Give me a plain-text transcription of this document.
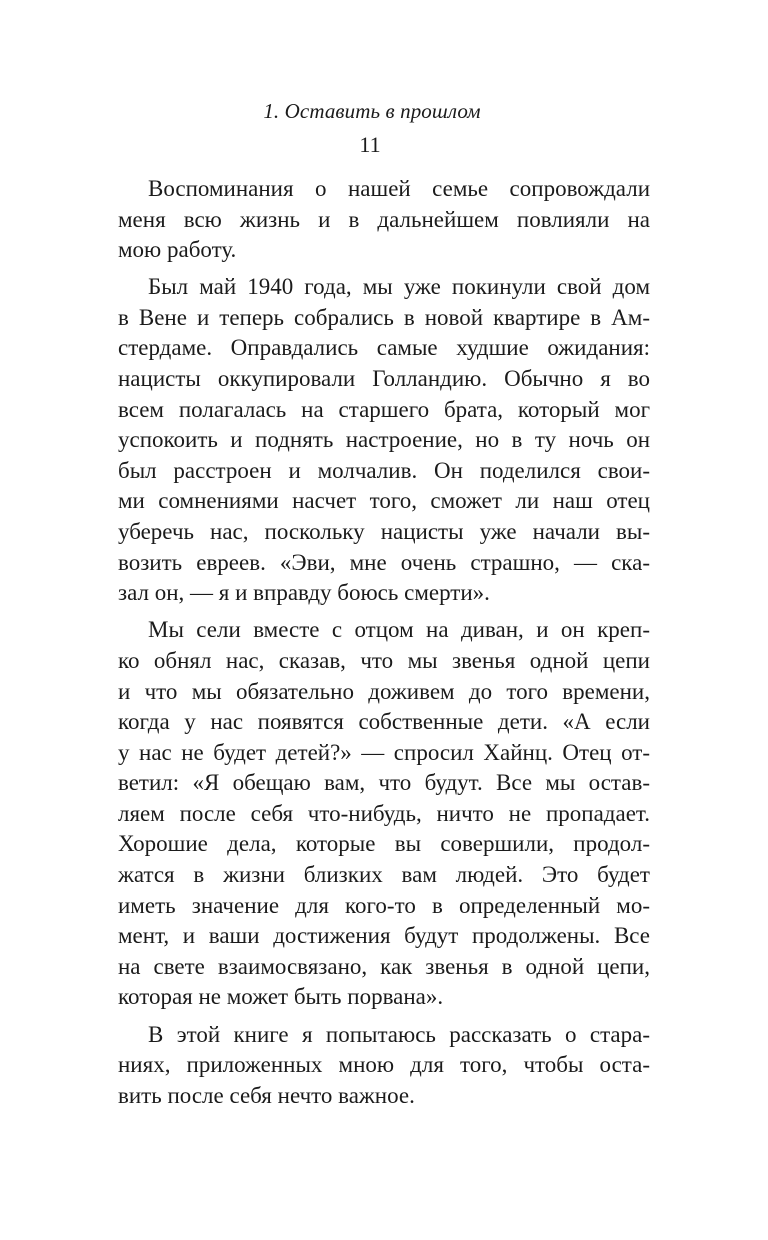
1. Оставить в прошлом
11
Воспоминания о нашей семье сопровождали
меня всю жизнь и в дальнейшем повлияли на
мою работу.
Был май 1940 года, мы уже покинули свой дом
в Вене и теперь собрались в новой квартире в Ам-
стердаме. Оправдались самые худшие ожидания:
нацисты оккупировали Голландию. Обычно я во
всем полагалась на старшего брата, который мог
успокоить и поднять настроение, но в ту ночь он
был расстроен и молчалив. Он поделился свои-
ми сомнениями насчет того, сможет ли наш отец
уберечь нас, поскольку нацисты уже начали вы-
возить евреев. «Эви, мне очень страшно, — ска-
зал он, — я и вправду боюсь смерти».
Мы сели вместе с отцом на диван, и он креп-
ко обнял нас, сказав, что мы звенья одной цепи
и что мы обязательно доживем до того времени,
когда у нас появятся собственные дети. «А если
у нас не будет детей?» — спросил Хайнц. Отец от-
ветил: «Я обещаю вам, что будут. Все мы остав-
ляем после себя что-нибудь, ничто не пропадает.
Хорошие дела, которые вы совершили, продол-
жатся в жизни близких вам людей. Это будет
иметь значение для кого-то в определенный мо-
мент, и ваши достижения будут продолжены. Все
на свете взаимосвязано, как звенья в одной цепи,
которая не может быть порвана».
В этой книге я попытаюсь рассказать о стара-
ниях, приложенных мною для того, чтобы оста-
вить после себя нечто важное.
